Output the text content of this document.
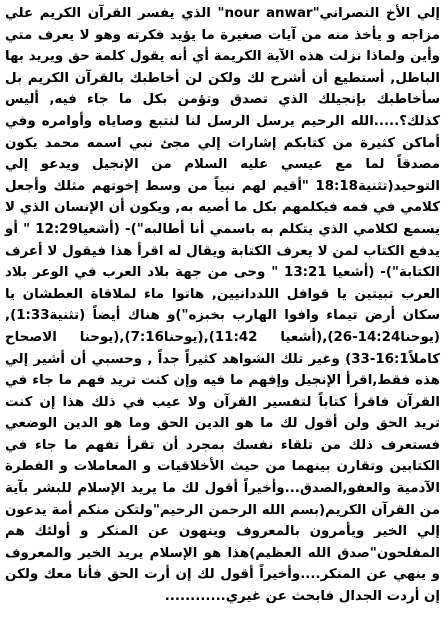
إلي الأخ النصراني"nour anwar" الذي يفسر القرآن الكريم علي مزاجه و يأخذ منه من آيات صغيرة ما يؤيد فكرته وهو لا يعرف متي وأين ولماذا نزلت هذه الآية الكريمة أي أنه يقول كلمة حق ويريد بها الباطل, أستطيع أن أشرح لك ولكن لن أخاطبك بالقرآن الكريم بل سأخاطبك بإنجيلك الذي تصدق وتؤمن بكل ما جاء فيه, أليس كذلك؟.....الله الرحيم يرسل الرسل لنا لنتبع وصاياه وأوامره وفي أماكن كثيرة من كتابكم إشارات إلي مجئ نبي اسمه محمد يكون مصدقاً لما مع عيسي عليه السلام من الإنجيل ويدعو إلي التوحيد(تثنية18:18 "أقيم لهم نبياً من وسط إخوتهم مثلك وأجعل كلامي في فمه فيكلمهم بكل ما أصيه به, ويكون أن الإنسان الذي لا يسمع لكلامي الذي يتكلم به باسمي أنا أطالبه")- (أشعيا12:29 " أو يدفع الكتاب لمن لا يعرف الكتابة ويقال له اقرأ هذا فيقول لا أعرف الكتابة")- (أشعيا 13:21 " وحى من جهة بلاد العرب في الوعر بلاد العرب تبيتين يا قوافل اللددانيين, هاتوا ماء لملاقاة العطشان يا سكان أرض تيماء وافوا الهارب بخبزه")و هناك أيضاً (تثنية1:33),(يوحنا14:24-26),(أشعيا 11:42),(يوحنا7:16),(يوحنا الاصحاح كاملاً16:1-33) وغير تلك الشواهد كثيراً جداً , وحسبي أن أشير إلي هذه فقط,اقرأ الإنجيل وإفهم ما فيه وإن كنت تريد فهم ما جاء في القرآن فاقرأ كتاباً لتفسير القرآن ولا عيب في ذلك هذا إن كنت تريد الحق ولن أقول لك ما هو الدين الحق وما هو الدين الوضعي فستعرف ذلك من تلقاء نفسك بمجرد أن تقرأ تفهم ما جاء في الكتابين وتقارن بينهما من حيث الأخلاقيات و المعاملات و الفطرة الآدمية والعفو,الصدق...وأخيراً أقول لك ما يريد الإسلام للبشر بآية من القرآن الكريم(بسم الله الرحمن الرحيم"ولتكن منكم أمة يدعون إلي الخير ويأمرون بالمعروف وينهون عن المنكر و أولئك هم المفلحون"صدق الله العظيم)هذا هو الإسلام يريد الخير والمعروف و ينهي عن المنكر....وأخيراً أقول لك إن أرت الحق فأنا معك ولكن إن أردت الجدال فابحث عن غيري............
